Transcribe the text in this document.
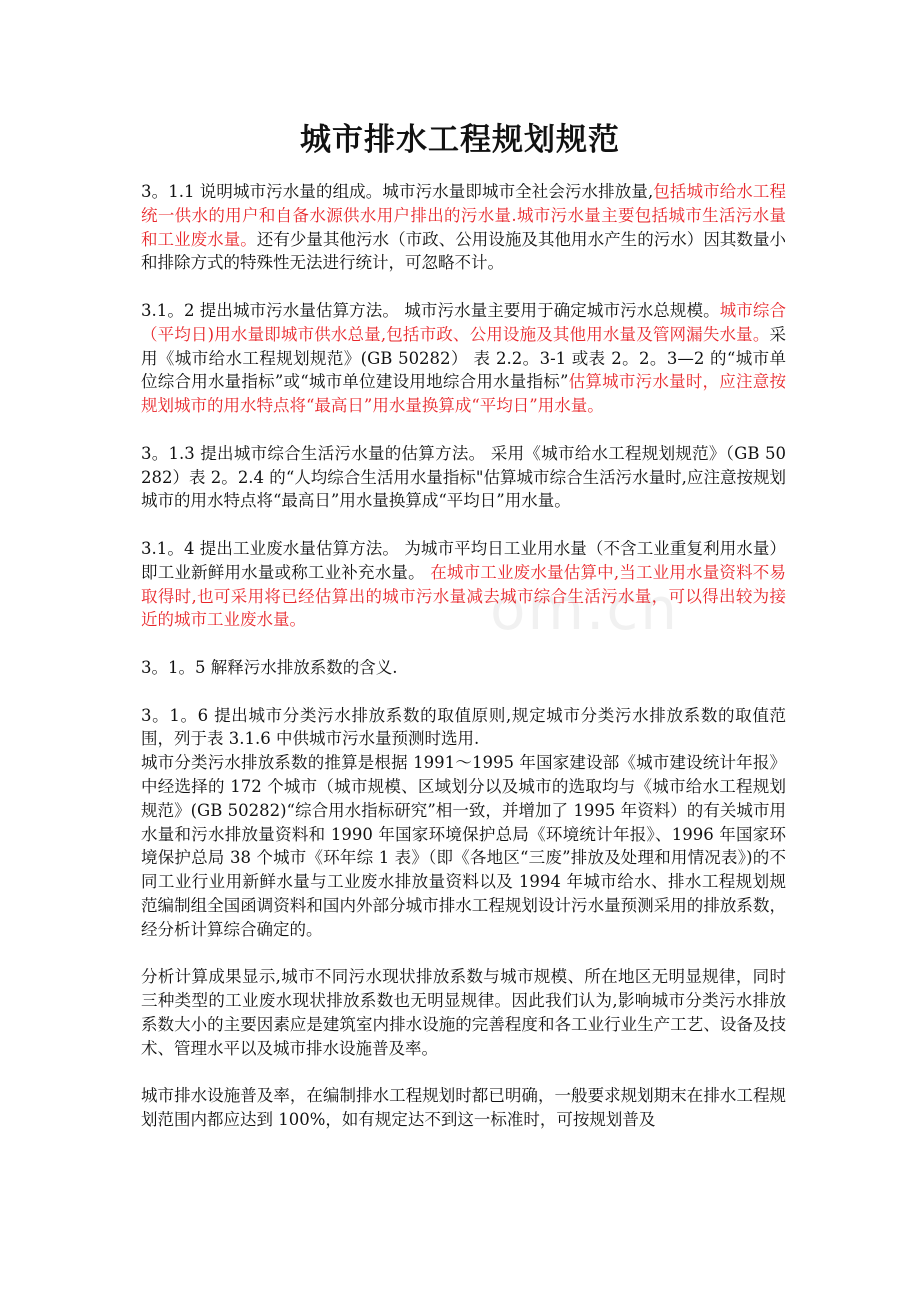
om.cn
城市排水工程规划规范

3。1.1 说明城市污水量的组成。城市污水量即城市全社会污水排放量,包括城市给水工程统一供水的用户和自备水源供水用户排出的污水量.城市污水量主要包括城市生活污水量和工业废水量。还有少量其他污水（市政、公用设施及其他用水产生的污水）因其数量小和排除方式的特殊性无法进行统计，可忽略不计。

3.1。2 提出城市污水量估算方法。 城市污水量主要用于确定城市污水总规模。城市综合（平均日)用水量即城市供水总量,包括市政、公用设施及其他用水量及管网漏失水量。采用《城市给水工程规划规范》(GB 50282） 表 2.2。3-1 或表 2。2。3—2 的“城市单位综合用水量指标”或“城市单位建设用地综合用水量指标”估算城市污水量时，应注意按规划城市的用水特点将“最高日”用水量换算成“平均日”用水量。

3。1.3 提出城市综合生活污水量的估算方法。 采用《城市给水工程规划规范》（GB 50282）表 2。2.4 的“人均综合生活用水量指标"估算城市综合生活污水量时,应注意按规划城市的用水特点将“最高日”用水量换算成“平均日”用水量。

3.1。4 提出工业废水量估算方法。 为城市平均日工业用水量（不含工业重复利用水量）即工业新鲜用水量或称工业补充水量。 在城市工业废水量估算中,当工业用水量资料不易取得时,也可采用将已经估算出的城市污水量减去城市综合生活污水量，可以得出较为接近的城市工业废水量。

3。1。5 解释污水排放系数的含义.

3。1。6 提出城市分类污水排放系数的取值原则,规定城市分类污水排放系数的取值范围，列于表 3.1.6 中供城市污水量预测时选用.

城市分类污水排放系数的推算是根据 1991～1995 年国家建设部《城市建设统计年报》中经选择的 172 个城市（城市规模、区域划分以及城市的选取均与《城市给水工程规划规范》(GB 50282)“综合用水指标研究”相一致，并增加了 1995 年资料）的有关城市用水量和污水排放量资料和 1990 年国家环境保护总局《环境统计年报》、1996 年国家环境保护总局 38 个城市《环年综 1 表》（即《各地区“三废”排放及处理和用情况表》)的不同工业行业用新鲜水量与工业废水排放量资料以及 1994 年城市给水、排水工程规划规范编制组全国函调资料和国内外部分城市排水工程规划设计污水量预测采用的排放系数，经分析计算综合确定的。

分析计算成果显示,城市不同污水现状排放系数与城市规模、所在地区无明显规律，同时三种类型的工业废水现状排放系数也无明显规律。因此我们认为,影响城市分类污水排放系数大小的主要因素应是建筑室内排水设施的完善程度和各工业行业生产工艺、设备及技术、管理水平以及城市排水设施普及率。

城市排水设施普及率，在编制排水工程规划时都已明确，一般要求规划期末在排水工程规划范围内都应达到 100%，如有规定达不到这一标准时，可按规划普及
